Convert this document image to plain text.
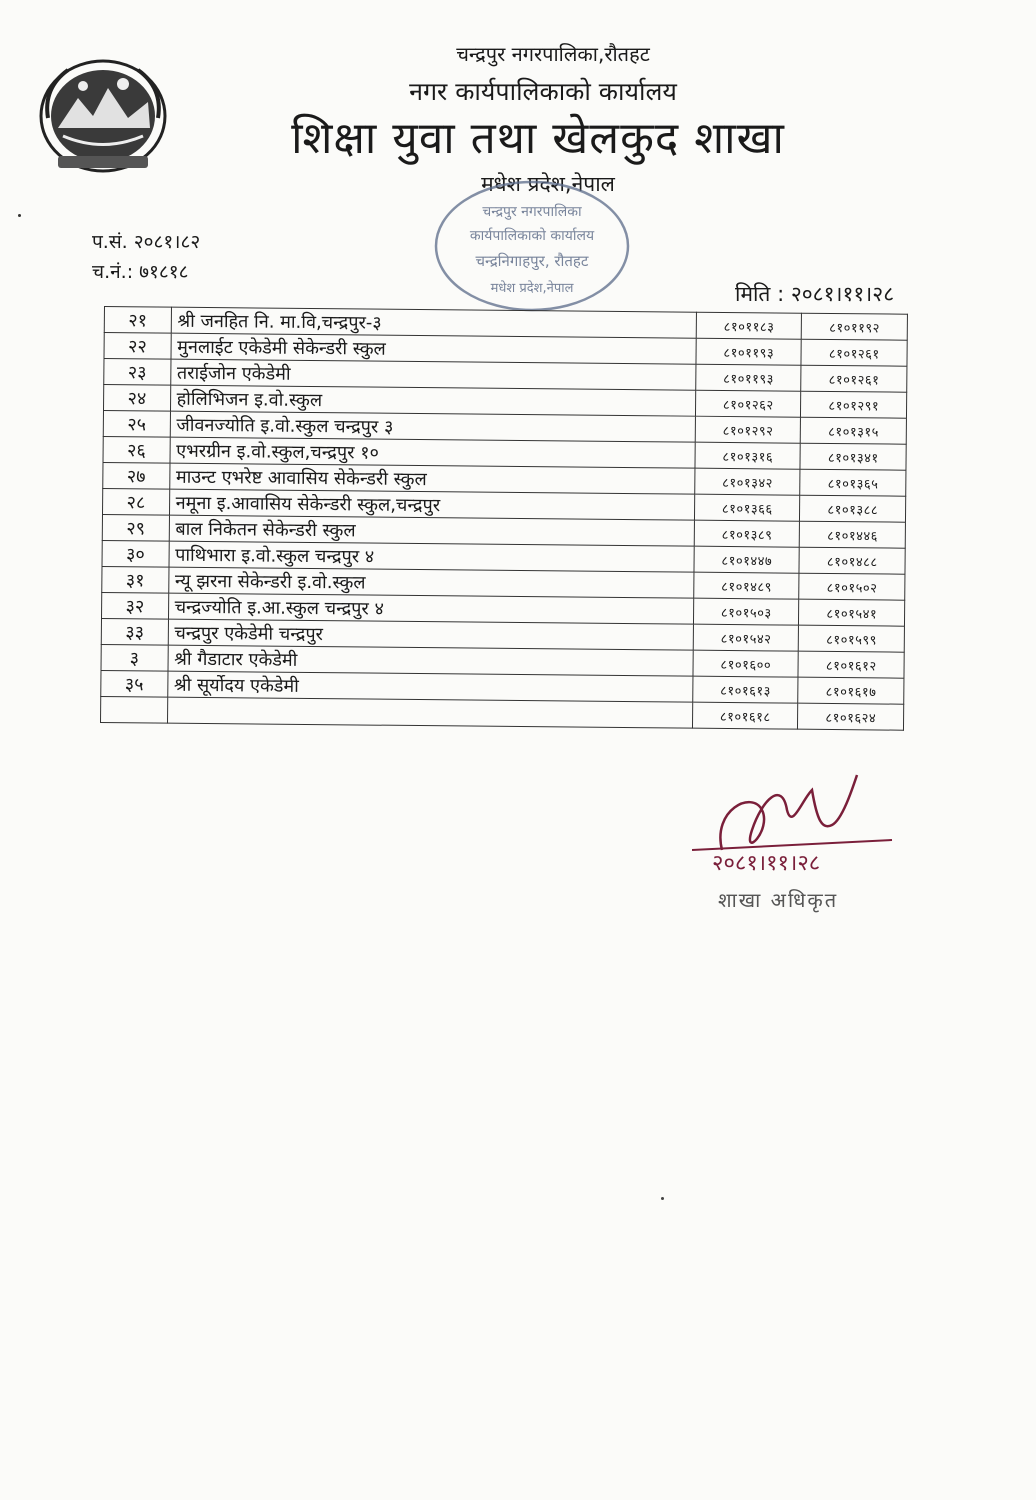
चन्द्रपुर नगरपालिका,रौतहट
नगर कार्यपालिकाको कार्यालय
शिक्षा युवा तथा खेलकुद शाखा
मधेश प्रदेश,नेपाल
चन्द्रपुर नगरपालिका
कार्यपालिकाको कार्यालय
चन्द्रनिगाहपुर, रौतहट
मधेश प्रदेश,नेपाल
प.सं. २०८१।८२
च.नं.: ७१८१८
मिति : २०८१।११।२८
२१	श्री जनहित नि. मा.वि,चन्द्रपुर-३	८१०११८३	८१०११९२
२२	मुनलाईट एकेडेमी सेकेन्डरी स्कुल	८१०११९३	८१०१२६१
२३	तराईजोन एकेडेमी	८१०११९३	८१०१२६१
२४	होलिभिजन इ.वो.स्कुल	८१०१२६२	८१०१२९१
२५	जीवनज्योति इ.वो.स्कुल चन्द्रपुर ३	८१०१२९२	८१०१३१५
२६	एभरग्रीन इ.वो.स्कुल,चन्द्रपुर १०	८१०१३१६	८१०१३४१
२७	माउन्ट एभरेष्ट आवासिय सेकेन्डरी स्कुल	८१०१३४२	८१०१३६५
२८	नमूना इ.आवासिय सेकेन्डरी स्कुल,चन्द्रपुर	८१०१३६६	८१०१३८८
२९	बाल निकेतन सेकेन्डरी स्कुल	८१०१३८९	८१०१४४६
३०	पाथिभारा इ.वो.स्कुल चन्द्रपुर ४	८१०१४४७	८१०१४८८
३१	न्यू झरना सेकेन्डरी इ.वो.स्कुल	८१०१४८९	८१०१५०२
३२	चन्द्रज्योति इ.आ.स्कुल चन्द्रपुर ४	८१०१५०३	८१०१५४१
३३	चन्द्रपुर एकेडेमी चन्द्रपुर	८१०१५४२	८१०१५९९
३	श्री गैडाटार एकेडेमी	८१०१६००	८१०१६१२
३५	श्री सूर्योदय एकेडेमी	८१०१६१३	८१०१६१७
		८१०१६१८	८१०१६२४
२०८१।११।२८
शाखा अधिकृत
